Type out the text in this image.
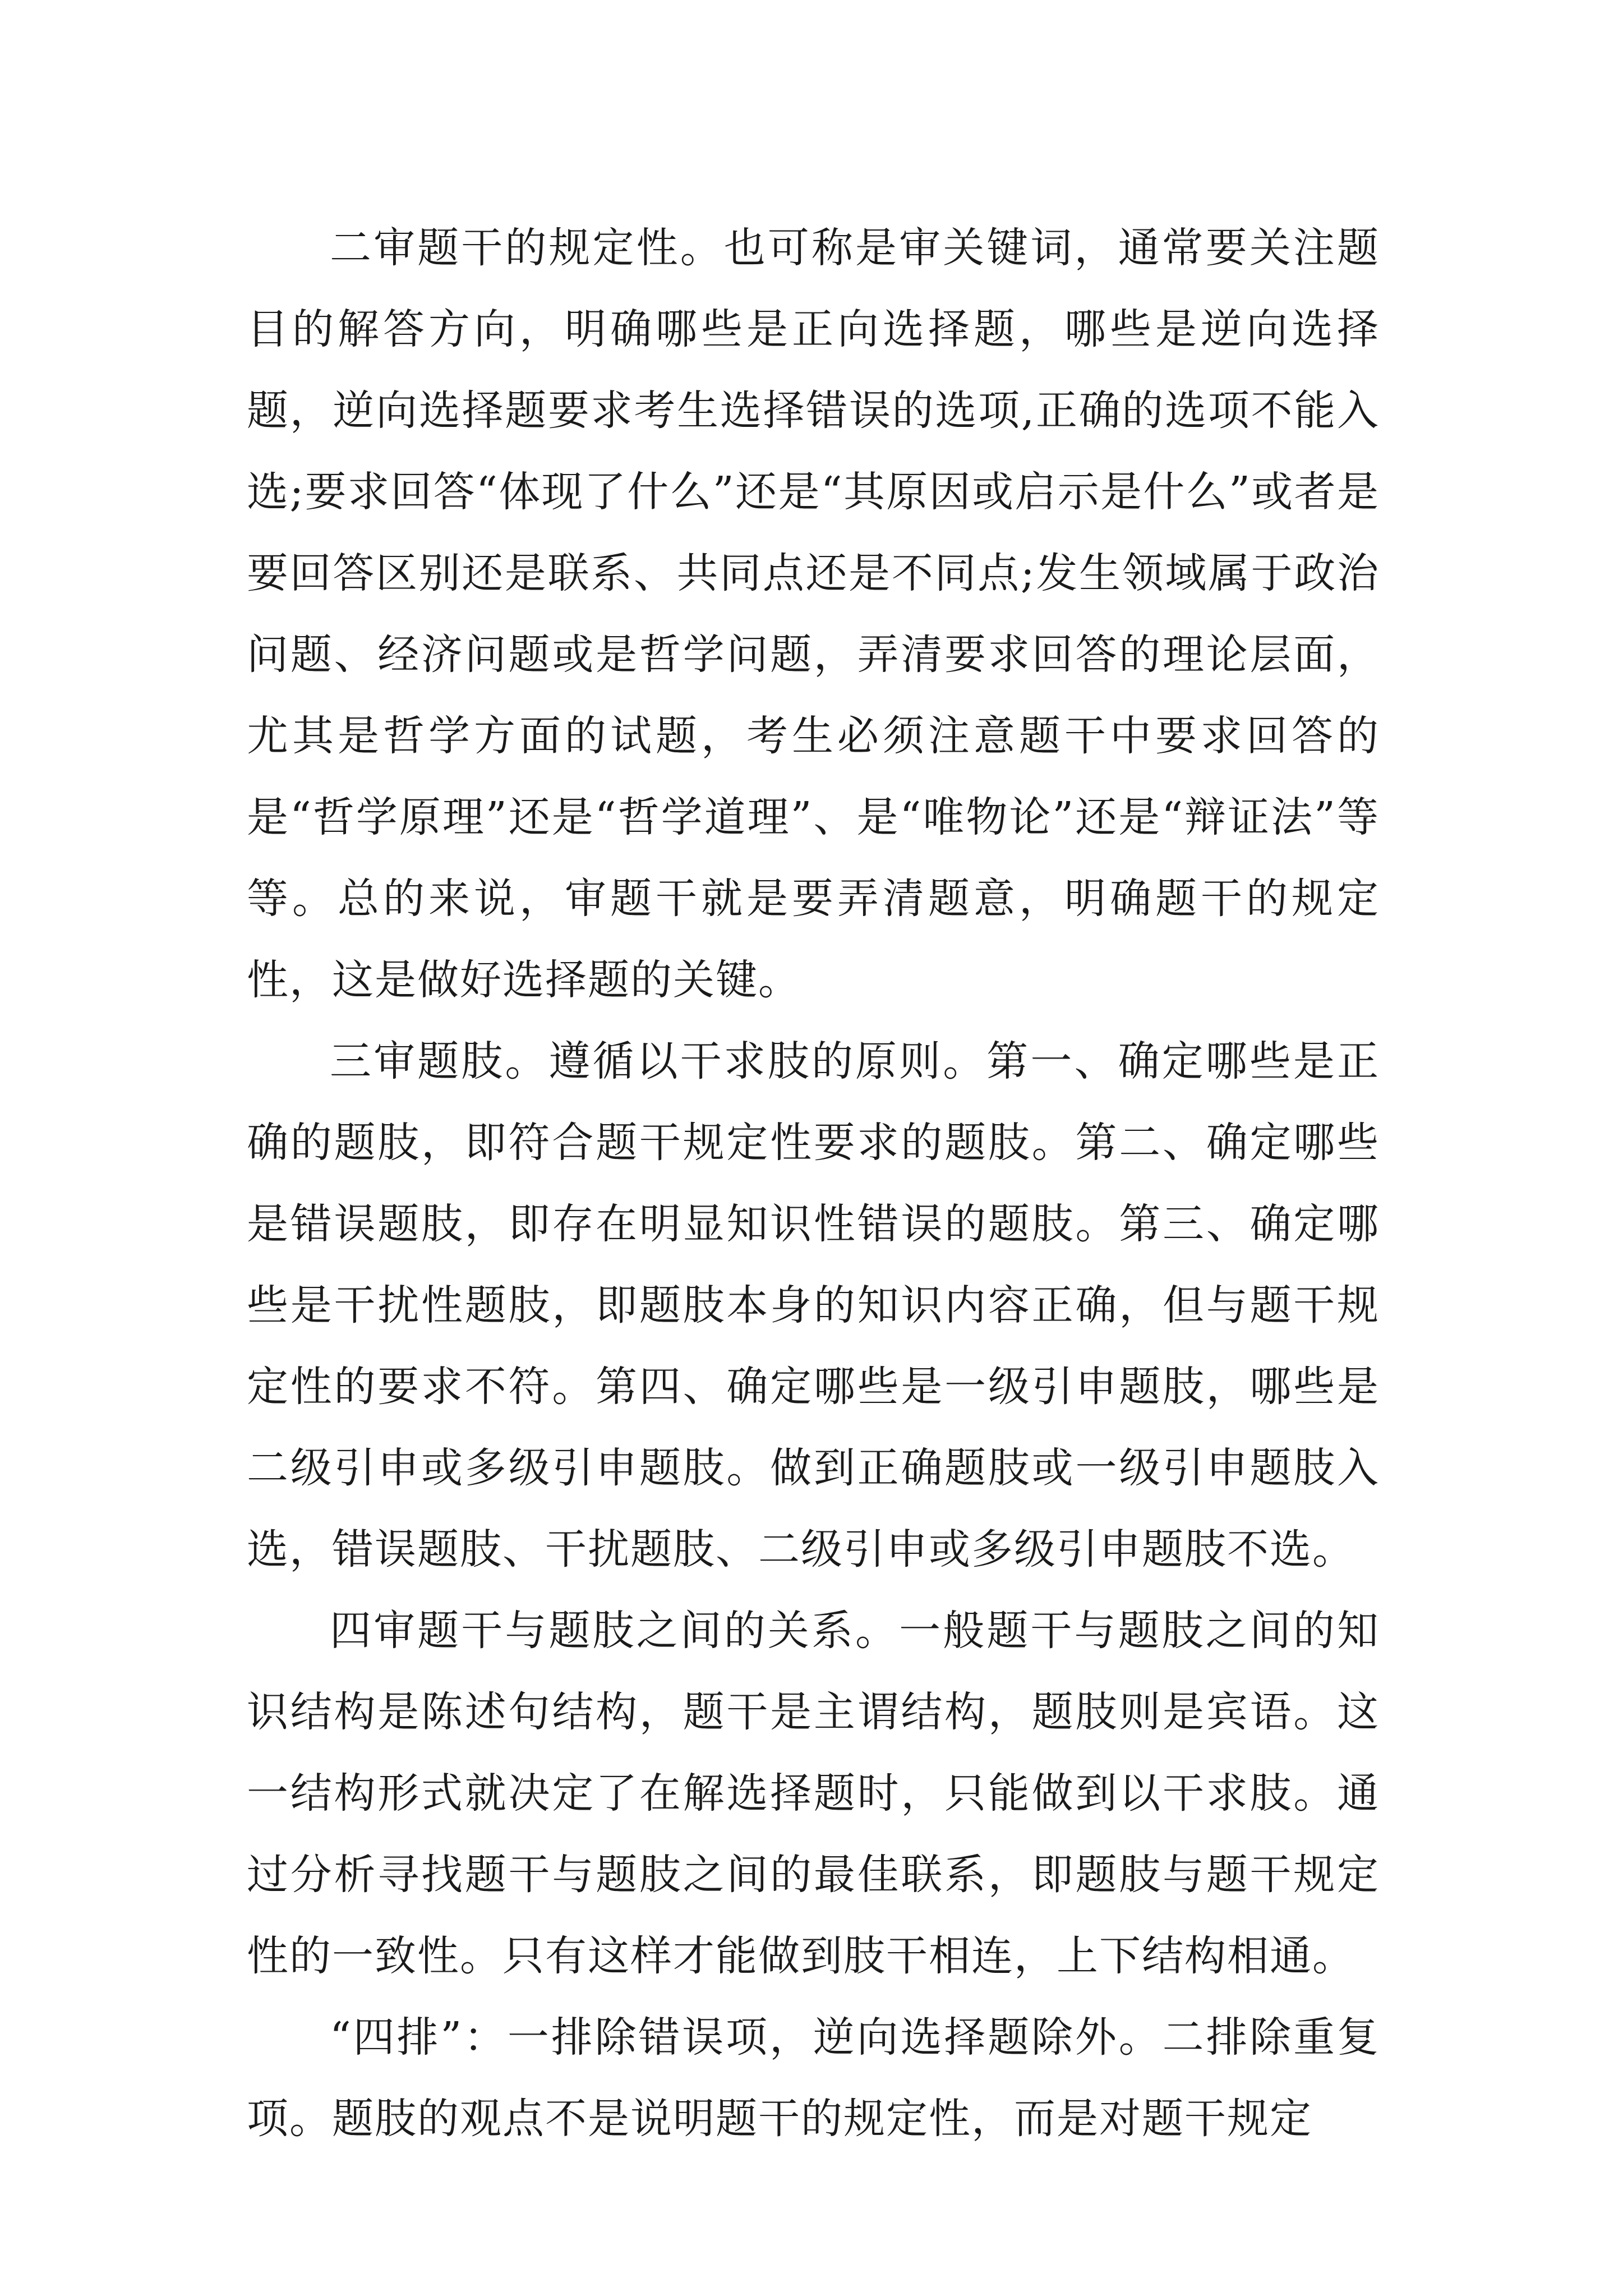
二审题干的规定性。也可称是审关键词，通常要关注题目的解答方向，明确哪些是正向选择题，哪些是逆向选择题，逆向选择题要求考生选择错误的选项,正确的选项不能入选;要求回答“体现了什么”还是“其原因或启示是什么”或者是要回答区别还是联系、共同点还是不同点;发生领域属于政治问题、经济问题或是哲学问题，弄清要求回答的理论层面，尤其是哲学方面的试题，考生必须注意题干中要求回答的是“哲学原理”还是“哲学道理”、是“唯物论”还是“辩证法”等等。总的来说，审题干就是要弄清题意，明确题干的规定性，这是做好选择题的关键。

三审题肢。遵循以干求肢的原则。第一、确定哪些是正确的题肢，即符合题干规定性要求的题肢。第二、确定哪些是错误题肢，即存在明显知识性错误的题肢。第三、确定哪些是干扰性题肢，即题肢本身的知识内容正确，但与题干规定性的要求不符。第四、确定哪些是一级引申题肢，哪些是二级引申或多级引申题肢。做到正确题肢或一级引申题肢入选，错误题肢、干扰题肢、二级引申或多级引申题肢不选。

四审题干与题肢之间的关系。一般题干与题肢之间的知识结构是陈述句结构，题干是主谓结构，题肢则是宾语。这一结构形式就决定了在解选择题时，只能做到以干求肢。通过分析寻找题干与题肢之间的最佳联系，即题肢与题干规定性的一致性。只有这样才能做到肢干相连，上下结构相通。

“四排”：一排除错误项，逆向选择题除外。二排除重复项。题肢的观点不是说明题干的规定性，而是对题干规定
